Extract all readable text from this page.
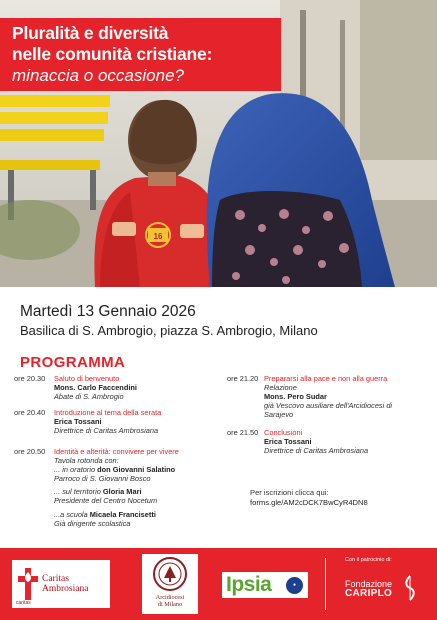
16
Pluralità e diversità
nelle comunità cristiane:
minaccia o occasione?
Martedì 13 Gennaio 2026
Basilica di S. Ambrogio, piazza S. Ambrogio, Milano
PROGRAMMA
ore 20.30	Saluto di benvenuto
Mons. Carlo Faccendini
Abate di S. Ambrogio
ore 20.40	Introduzione al tema della serata
Erica Tossani
Direttrice di Caritas Ambrosiana
ore 20.50	Identità e alterità: convivere per vivere
Tavola rotonda con:
... in oratorio don Giovanni Salatino
Parroco di S. Giovanni Bosco
... sul territorio Gloria Mari
Presidente del Centro Nocetum
...a scuola Micaela Francisetti
Già dirigente scolastica
ore 21.20 Prepararsi alla pace e non alla guerra
Relazione
Mons. Pero Sudar
già Vescovo ausiliare dell'Arcidiocesi di
Sarajevo
ore 21.50 Conclusioni
Erica Tossani
Direttrice di Caritas Ambrosiana
Per iscrizioni clicca qui:
forms.gle/AM2cDCK7BwCyR4DN8
Caritas
Ambrosiana
caritas
Arcidiocesi
di Milano
Ipsia	●
Con il patrocinio di:
Fondazione
CARIPLO
